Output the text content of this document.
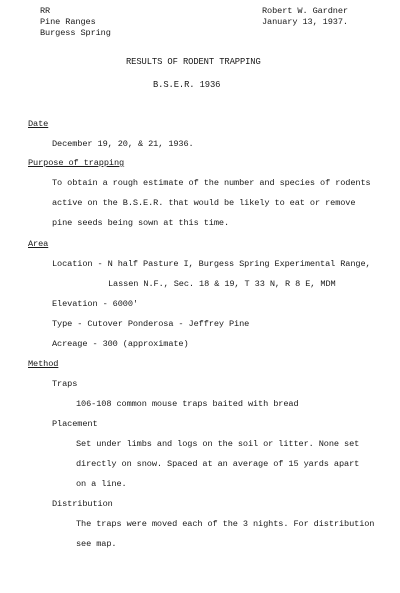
RR
Pine Ranges
Burgess Spring
Robert W. Gardner
January 13, 1937.
RESULTS OF RODENT TRAPPING
B.S.E.R. 1936
Date
December 19, 20, & 21, 1936.
Purpose of trapping
To obtain a rough estimate of the number and species of rodents
active on the B.S.E.R. that would be likely to eat or remove
pine seeds being sown at this time.
Area
Location - N half Pasture I, Burgess Spring Experimental Range,
Lassen N.F., Sec. 18 & 19, T 33 N, R 8 E, MDM
Elevation - 6000'
Type - Cutover Ponderosa - Jeffrey Pine
Acreage - 300 (approximate)
Method
Traps
106-108 common mouse traps baited with bread
Placement
Set under limbs and logs on the soil or litter. None set
directly on snow. Spaced at an average of 15 yards apart
on a line.
Distribution
The traps were moved each of the 3 nights. For distribution
see map.
